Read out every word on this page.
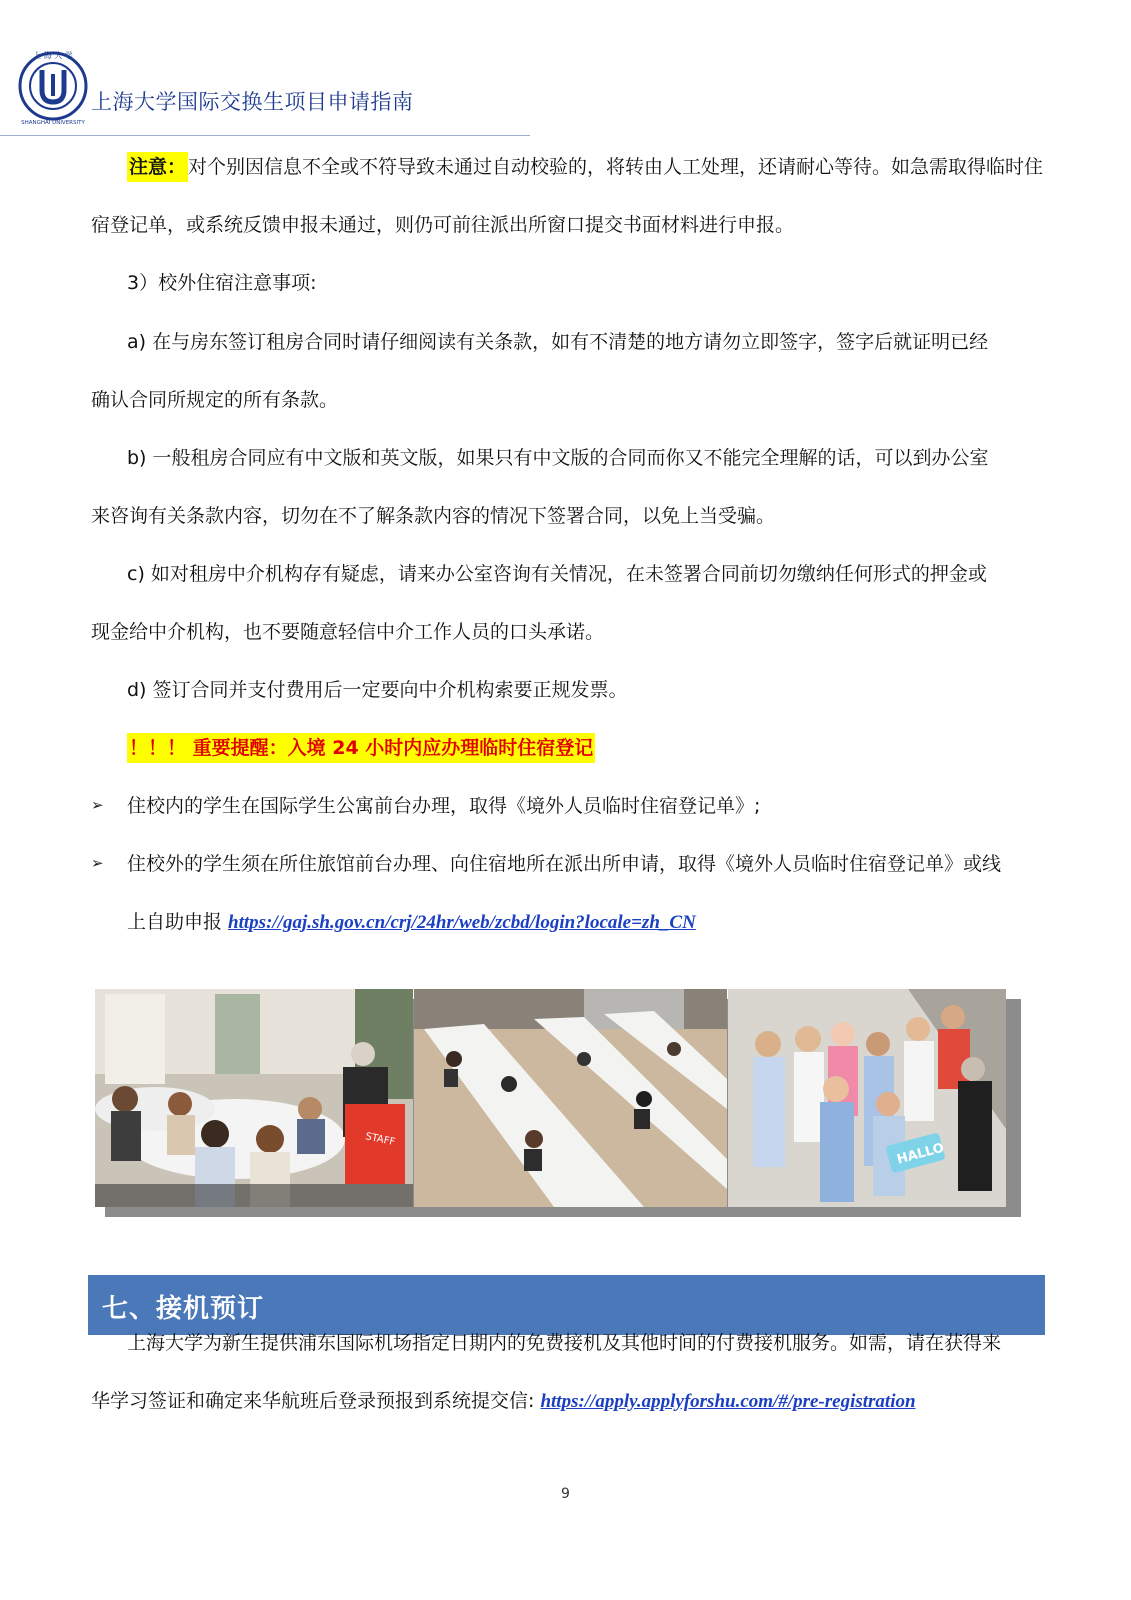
上 海 大 学
SHANGHAI UNIVERSITY
上海大学国际交换生项目申请指南
注意： 对个别因信息不全或不符导致未通过自动校验的，将转由人工处理，还请耐心等待。如急需取得临时住
宿登记单，或系统反馈申报未通过，则仍可前往派出所窗口提交书面材料进行申报。
3）校外住宿注意事项:
a) 在与房东签订租房合同时请仔细阅读有关条款，如有不清楚的地方请勿立即签字，签字后就证明已经
确认合同所规定的所有条款。
b) 一般租房合同应有中文版和英文版，如果只有中文版的合同而你又不能完全理解的话，可以到办公室
来咨询有关条款内容，切勿在不了解条款内容的情况下签署合同，以免上当受骗。
c) 如对租房中介机构存有疑虑，请来办公室咨询有关情况，在未签署合同前切勿缴纳任何形式的押金或
现金给中介机构，也不要随意轻信中介工作人员的口头承诺。
d) 签订合同并支付费用后一定要向中介机构索要正规发票。
！！！ 重要提醒：入境 24 小时内应办理临时住宿登记
➢ 住校内的学生在国际学生公寓前台办理，取得《境外人员临时住宿登记单》;
➢ 住校外的学生须在所住旅馆前台办理、向住宿地所在派出所申请，取得《境外人员临时住宿登记单》或线
上自助申报 https://gaj.sh.gov.cn/crj/24hr/web/zcbd/login?locale=zh_CN
STAFF
HALLO
七、接机预订
上海大学为新生提供浦东国际机场指定日期内的免费接机及其他时间的付费接机服务。如需，请在获得来
华学习签证和确定来华航班后登录预报到系统提交信: https://apply.applyforshu.com/#/pre-registration
9
